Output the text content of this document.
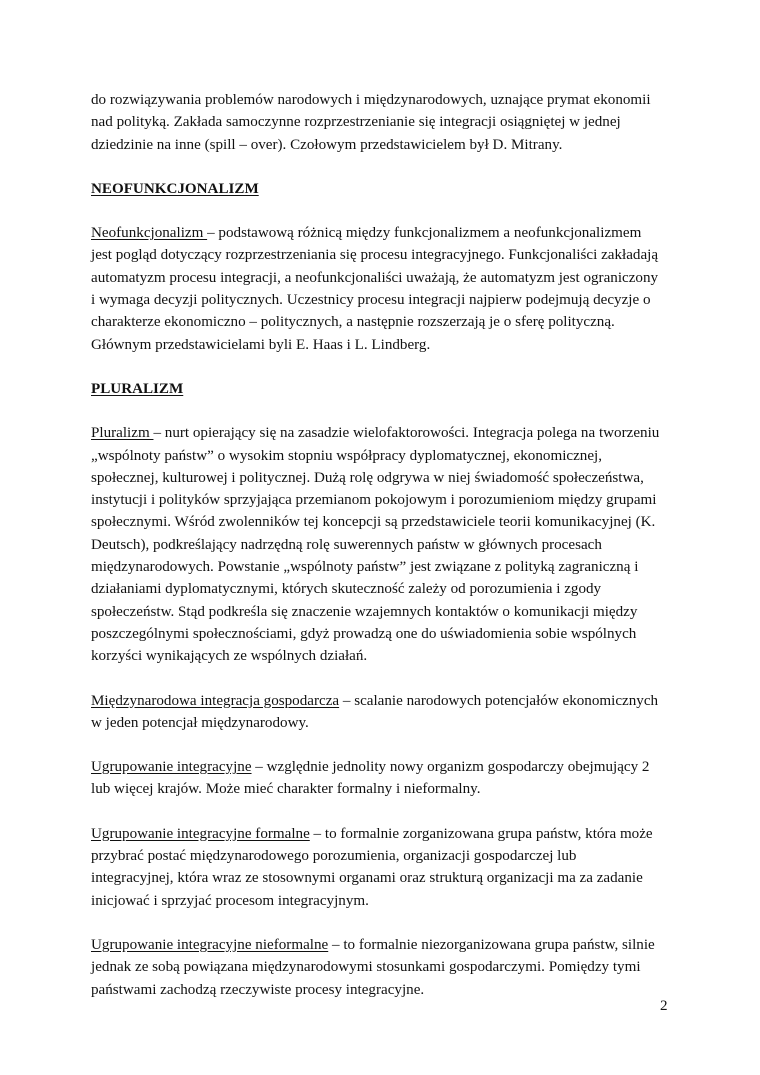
do rozwiązywania problemów narodowych i międzynarodowych, uznające prymat ekonomii
nad polityką. Zakłada samoczynne rozprzestrzenianie się integracji osiągniętej w jednej
dziedzinie na inne (spill – over). Czołowym przedstawicielem był D. Mitrany.

NEOFUNKCJONALIZM

Neofunkcjonalizm – podstawową różnicą między funkcjonalizmem a neofunkcjonalizmem
jest pogląd dotyczący rozprzestrzeniania się procesu integracyjnego. Funkcjonaliści zakładają
automatyzm procesu integracji, a neofunkcjonaliści uważają, że automatyzm jest ograniczony
i wymaga decyzji politycznych. Uczestnicy procesu integracji najpierw podejmują decyzje o
charakterze ekonomiczno – politycznych, a następnie rozszerzają je o sferę polityczną.
Głównym przedstawicielami byli E. Haas i L. Lindberg.

PLURALIZM

Pluralizm – nurt opierający się na zasadzie wielofaktorowości. Integracja polega na tworzeniu
„wspólnoty państw” o wysokim stopniu współpracy dyplomatycznej, ekonomicznej,
społecznej, kulturowej i politycznej. Dużą rolę odgrywa w niej świadomość społeczeństwa,
instytucji i polityków sprzyjająca przemianom pokojowym i porozumieniom między grupami
społecznymi. Wśród zwolenników tej koncepcji są przedstawiciele teorii komunikacyjnej (K.
Deutsch), podkreślający nadrzędną rolę suwerennych państw w głównych procesach
międzynarodowych. Powstanie „wspólnoty państw” jest związane z polityką zagraniczną i
działaniami dyplomatycznymi, których skuteczność zależy od porozumienia i zgody
społeczeństw. Stąd podkreśla się znaczenie wzajemnych kontaktów o komunikacji między
poszczególnymi społecznościami, gdyż prowadzą one do uświadomienia sobie wspólnych
korzyści wynikających ze wspólnych działań.

Międzynarodowa integracja gospodarcza – scalanie narodowych potencjałów ekonomicznych
w jeden potencjał międzynarodowy.

Ugrupowanie integracyjne – względnie jednolity nowy organizm gospodarczy obejmujący 2
lub więcej krajów. Może mieć charakter formalny i nieformalny.

Ugrupowanie integracyjne formalne – to formalnie zorganizowana grupa państw, która może
przybrać postać międzynarodowego porozumienia, organizacji gospodarczej lub
integracyjnej, która wraz ze stosownymi organami oraz strukturą organizacji ma za zadanie
inicjować i sprzyjać procesom integracyjnym.

Ugrupowanie integracyjne nieformalne – to formalnie niezorganizowana grupa państw, silnie
jednak ze sobą powiązana międzynarodowymi stosunkami gospodarczymi. Pomiędzy tymi
państwami zachodzą rzeczywiste procesy integracyjne.

2
